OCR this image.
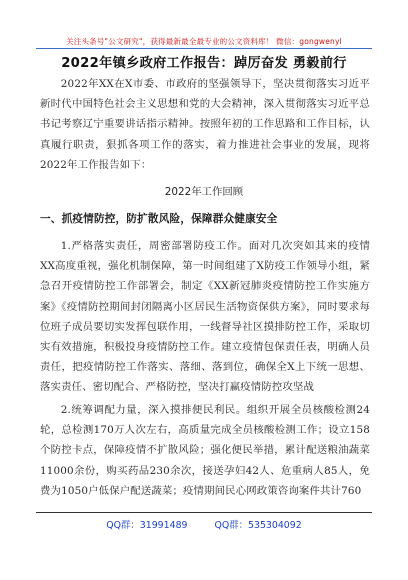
关注头条号"公文研究"，获得最新最全最专业的公文资料库！ 微信：gongwenyl
2022年镇乡政府工作报告：踔厉奋发 勇毅前行

2022年XX在X市委、市政府的坚强领导下，坚决贯彻落实习近平新时代中国特色社会主义思想和党的大会精神，深入贯彻落实习近平总书记考察辽宁重要讲话指示精神。按照年初的工作思路和工作目标，认真履行职责，狠抓各项工作的落实，着力推进社会事业的发展，现将2022年工作报告如下：

2022年工作回顾
一、抓疫情防控，防扩散风险，保障群众健康安全

1.严格落实责任，周密部署防疫工作。面对几次突如其来的疫情XX高度重视，强化机制保障，第一时间组建了X防疫工作领导小组，紧急召开疫情防控工作部署会，制定《XX新冠肺炎疫情防控工作实施方案》《疫情防控期间封闭隔离小区居民生活物资保供方案》，同时要求每位班子成员要切实发挥包联作用，一线督导社区摸排防控工作，采取切实有效措施，积极投身疫情防控工作。建立疫情包保责任表，明确人员责任，把疫情防控工作落实、落细、落到位，确保全X上下统一思想、落实责任、密切配合、严格防控，坚决打赢疫情防控攻坚战

2.统筹调配力量，深入摸排便民利民。组织开展全员核酸检测24轮，总检测170万人次左右，高质量完成全员核酸检测工作；设立158个防控卡点，保障疫情不扩散风险；强化便民举措，累计配送粮油蔬菜11000余份，购买药品230余次，接送孕妇42人、危重病人85人，免费为1050户低保户配送蔬菜；疫情期间民心网政策咨询案件共计760

QQ群：31991489	QQ群：535304092
